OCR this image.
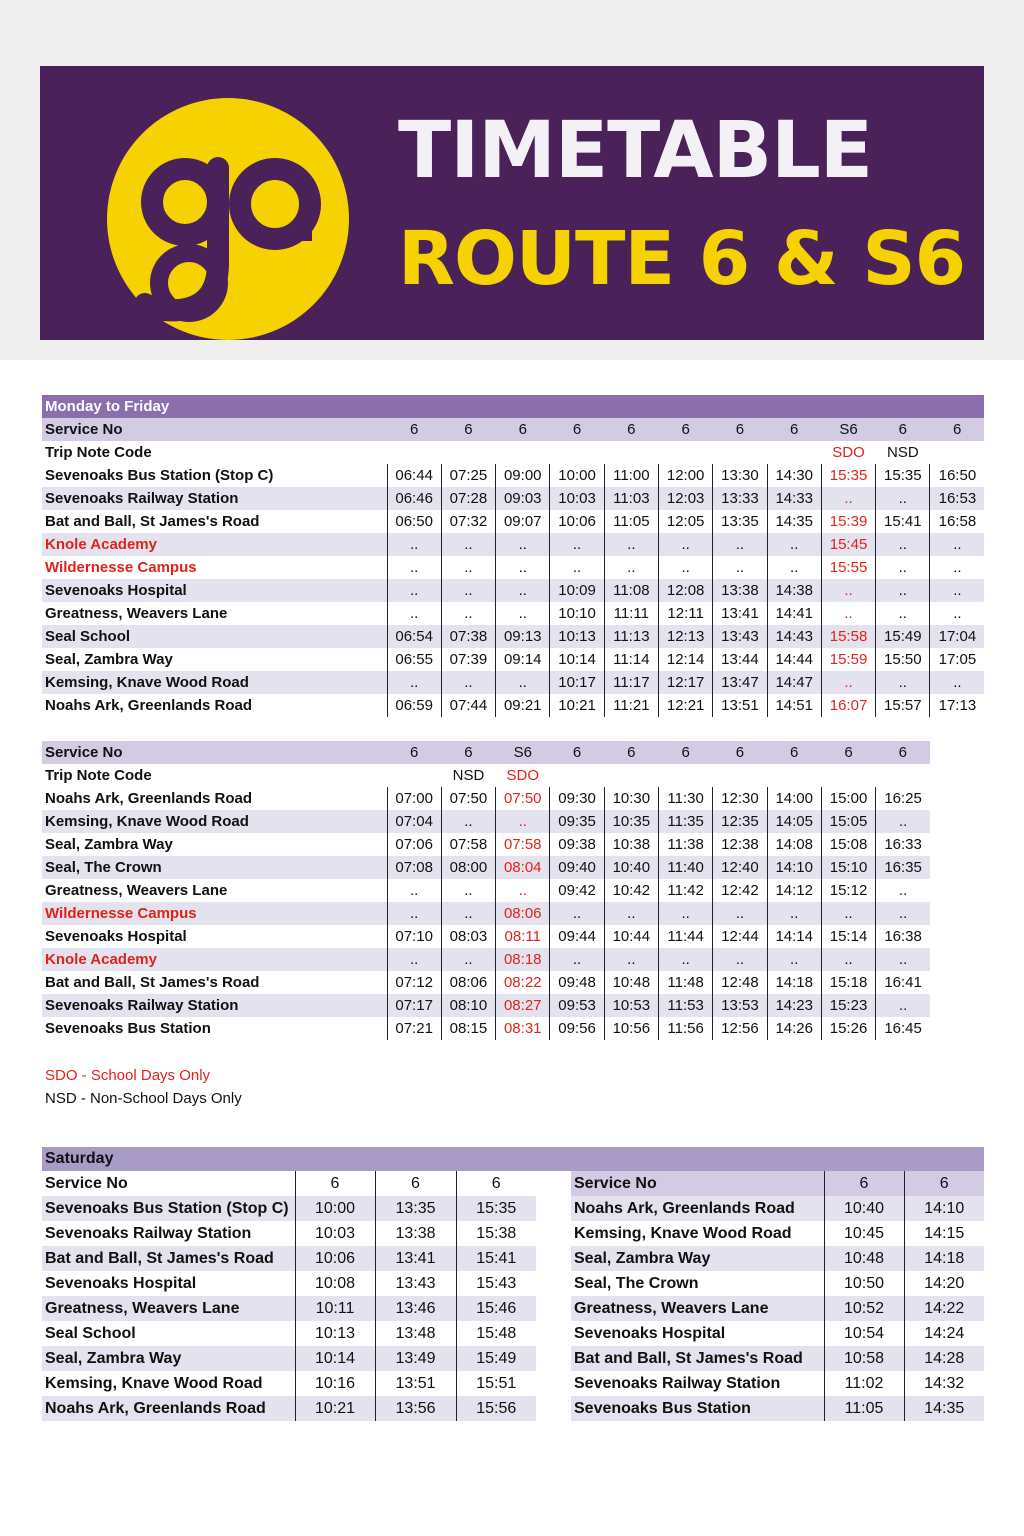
TIMETABLE
ROUTE 6 & S6
Monday to Friday											
Service No	6	6	6	6	6	6	6	6	S6	6	6
Trip Note Code									SDO	NSD	
Sevenoaks Bus Station (Stop C)	06:44	07:25	09:00	10:00	11:00	12:00	13:30	14:30	15:35	15:35	16:50
Sevenoaks Railway Station	06:46	07:28	09:03	10:03	11:03	12:03	13:33	14:33	..	..	16:53
Bat and Ball, St James's Road	06:50	07:32	09:07	10:06	11:05	12:05	13:35	14:35	15:39	15:41	16:58
Knole Academy	..	..	..	..	..	..	..	..	15:45	..	..
Wildernesse Campus	..	..	..	..	..	..	..	..	15:55	..	..
Sevenoaks Hospital	..	..	..	10:09	11:08	12:08	13:38	14:38	..	..	..
Greatness, Weavers Lane	..	..	..	10:10	11:11	12:11	13:41	14:41	..	..	..
Seal School	06:54	07:38	09:13	10:13	11:13	12:13	13:43	14:43	15:58	15:49	17:04
Seal, Zambra Way	06:55	07:39	09:14	10:14	11:14	12:14	13:44	14:44	15:59	15:50	17:05
Kemsing, Knave Wood Road	..	..	..	10:17	11:17	12:17	13:47	14:47	..	..	..
Noahs Ark, Greenlands Road	06:59	07:44	09:21	10:21	11:21	12:21	13:51	14:51	16:07	15:57	17:13
Service No	6	6	S6	6	6	6	6	6	6	6
Trip Note Code		NSD	SDO							
Noahs Ark, Greenlands Road	07:00	07:50	07:50	09:30	10:30	11:30	12:30	14:00	15:00	16:25
Kemsing, Knave Wood Road	07:04	..	..	09:35	10:35	11:35	12:35	14:05	15:05	..
Seal, Zambra Way	07:06	07:58	07:58	09:38	10:38	11:38	12:38	14:08	15:08	16:33
Seal, The Crown	07:08	08:00	08:04	09:40	10:40	11:40	12:40	14:10	15:10	16:35
Greatness, Weavers Lane	..	..	..	09:42	10:42	11:42	12:42	14:12	15:12	..
Wildernesse Campus	..	..	08:06	..	..	..	..	..	..	..
Sevenoaks Hospital	07:10	08:03	08:11	09:44	10:44	11:44	12:44	14:14	15:14	16:38
Knole Academy	..	..	08:18	..	..	..	..	..	..	..
Bat and Ball, St James's Road	07:12	08:06	08:22	09:48	10:48	11:48	12:48	14:18	15:18	16:41
Sevenoaks Railway Station	07:17	08:10	08:27	09:53	10:53	11:53	13:53	14:23	15:23	..
Sevenoaks Bus Station	07:21	08:15	08:31	09:56	10:56	11:56	12:56	14:26	15:26	16:45
SDO - School Days Only
NSD - Non-School Days Only
Saturday
Service No	6	6	6
Sevenoaks Bus Station (Stop C)	10:00	13:35	15:35
Sevenoaks Railway Station	10:03	13:38	15:38
Bat and Ball, St James's Road	10:06	13:41	15:41
Sevenoaks Hospital	10:08	13:43	15:43
Greatness, Weavers Lane	10:11	13:46	15:46
Seal School	10:13	13:48	15:48
Seal, Zambra Way	10:14	13:49	15:49
Kemsing, Knave Wood Road	10:16	13:51	15:51
Noahs Ark, Greenlands Road	10:21	13:56	15:56
Service No	6	6
Noahs Ark, Greenlands Road	10:40	14:10
Kemsing, Knave Wood Road	10:45	14:15
Seal, Zambra Way	10:48	14:18
Seal, The Crown	10:50	14:20
Greatness, Weavers Lane	10:52	14:22
Sevenoaks Hospital	10:54	14:24
Bat and Ball, St James's Road	10:58	14:28
Sevenoaks Railway Station	11:02	14:32
Sevenoaks Bus Station	11:05	14:35
